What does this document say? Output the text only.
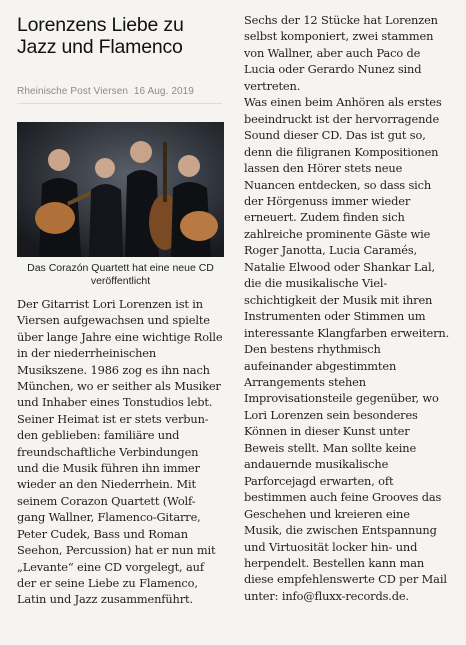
Lorenzens Liebe zu
Jazz und Flamenco
Rheinische Post Viersen  16 Aug. 2019
Das Corazón Quartett hat eine neue CD
veröffentlicht
Der Gitarrist Lori Lorenzen ist in
Viersen aufgewachsen und spielte
über lange Jahre eine wichtige Rolle
in der niederrheinischen
Musikszene. 1986 zog es ihn nach
München, wo er seither als Musiker
und Inhaber eines Tonstudios lebt.
Seiner Heimat ist er stets verbun-
den geblieben: familiäre und
freundschaftliche Verbindungen
und die Musik führen ihn immer
wieder an den Niederrhein. Mit
seinem Corazon Quartett (Wolf-
gang Wallner, Flamenco-Gitarre,
Peter Cudek, Bass und Roman
Seehon, Percussion) hat er nun mit
„Levante“ eine CD vorgelegt, auf
der er seine Liebe zu Flamenco,
Latin und Jazz zusammenführt.
Sechs der 12 Stücke hat Lorenzen
selbst komponiert, zwei stammen
von Wallner, aber auch Paco de
Lucia oder Gerardo Nunez sind
vertreten.
Was einen beim Anhören als erstes
beeindruckt ist der hervorragende
Sound dieser CD. Das ist gut so,
denn die filigranen Kompositionen
lassen den Hörer stets neue
Nuancen entdecken, so dass sich
der Hörgenuss immer wieder
erneuert. Zudem finden sich
zahlreiche prominente Gäste wie
Roger Janotta, Lucia Caramés,
Natalie Elwood oder Shankar Lal,
die die musikalische Viel-
schichtigkeit der Musik mit ihren
Instrumenten oder Stimmen um
interessante Klangfarben erweitern.
Den bestens rhythmisch
aufeinander abgestimmten
Arrangements stehen
Improvisationsteile gegenüber, wo
Lori Lorenzen sein besonderes
Können in dieser Kunst unter
Beweis stellt. Man sollte keine
andauernde musikalische
Parforcejagd erwarten, oft
bestimmen auch feine Grooves das
Geschehen und kreieren eine
Musik, die zwischen Entspannung
und Virtuosität locker hin- und
herpendelt. Bestellen kann man
diese empfehlenswerte CD per Mail
unter: info@fluxx-records.de.
